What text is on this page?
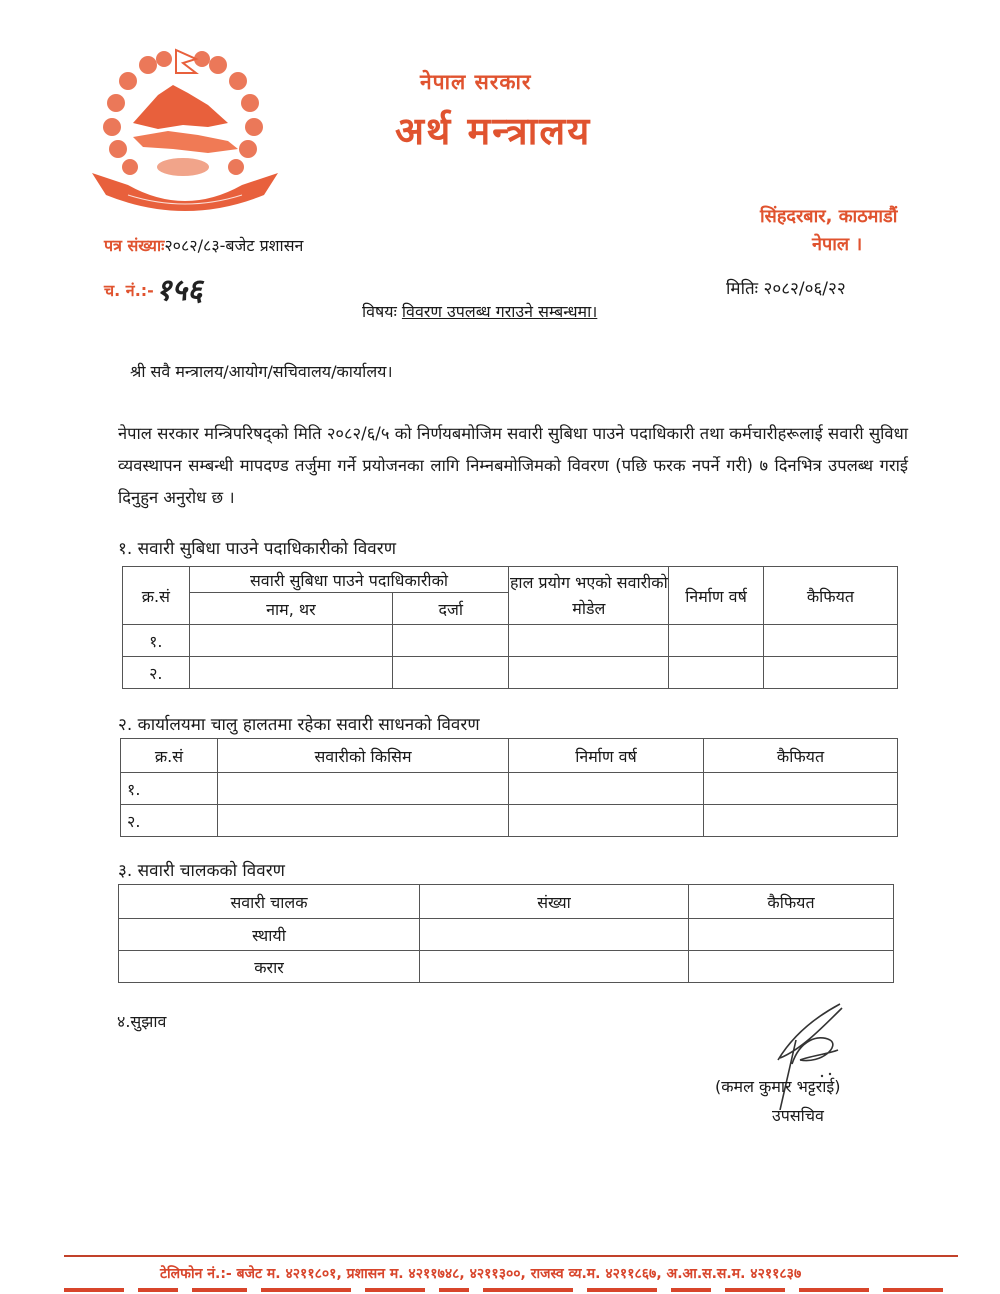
नेपाल सरकार
अर्थ मन्त्रालय
सिंहदरबार, काठमाडौं
नेपाल ।
पत्र संख्याः२०८२/८३-बजेट प्रशासन
च. नं.:-१५६	मितिः २०८२/०६/२२
विषयः विवरण उपलब्ध गराउने सम्बन्धमा।
श्री सवै मन्त्रालय/आयोग/सचिवालय/कार्यालय।
नेपाल सरकार मन्त्रिपरिषद्को मिति २०८२/६/५ को निर्णयबमोजिम सवारी सुबिधा पाउने पदाधिकारी तथा कर्मचारीहरूलाई सवारी सुविधा व्यवस्थापन सम्बन्धी मापदण्ड तर्जुमा गर्ने प्रयोजनका लागि निम्नबमोजिमको विवरण (पछि फरक नपर्ने गरी) ७ दिनभित्र उपलब्ध गराई दिनुहुन अनुरोध छ ।
१. सवारी सुबिधा पाउने पदाधिकारीको विवरण
क्र.सं	सवारी सुबिधा पाउने पदाधिकारीको		हाल प्रयोग भएको सवारीको मोडेल	निर्माण वर्ष	कैफियत
	नाम, थर	दर्जा			
१.					
२.					
२. कार्यालयमा चालु हालतमा रहेका सवारी साधनको विवरण
क्र.सं	सवारीको किसिम	निर्माण वर्ष	कैफियत
१.			
२.			
३. सवारी चालकको विवरण
सवारी चालक	संख्या	कैफियत
स्थायी		
करार		
४.सुझाव
(कमल कुमार भट्टराई)
उपसचिव
टेलिफोन नं.:- बजेट म. ४२११८०१, प्रशासन म. ४२११७४८, ४२११३००, राजस्व व्य.म. ४२११८६७, अ.आ.स.स.म. ४२११८३७
